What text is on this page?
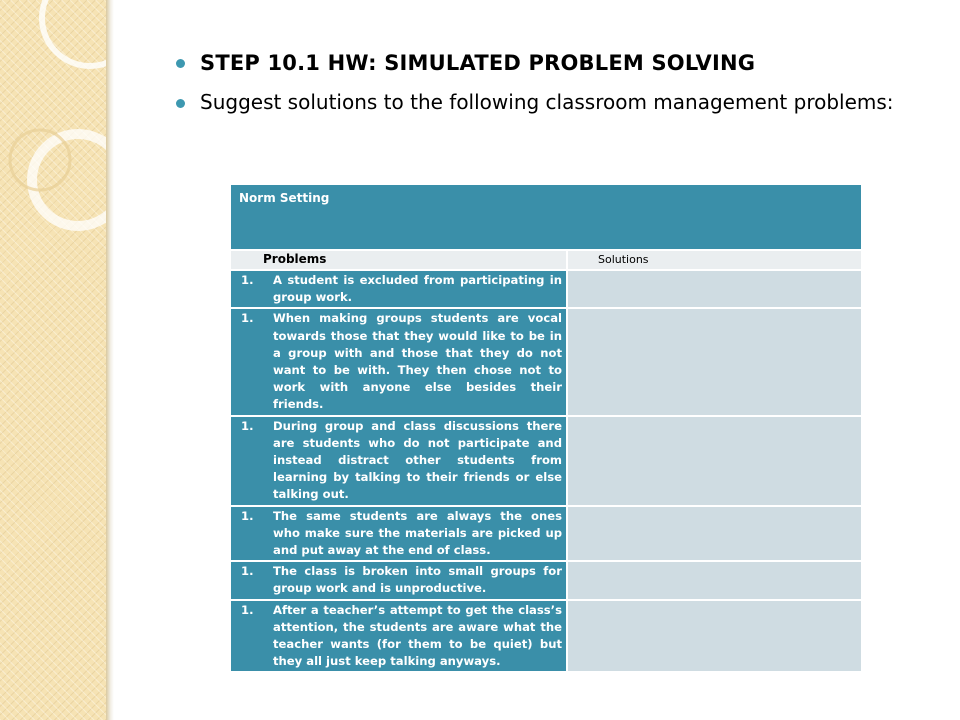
STEP 10.1 HW: SIMULATED PROBLEM SOLVING
Suggest solutions to the following classroom management problems:
Norm Setting	
Problems	Solutions

1. A student is excluded from participating in group work.	

1. When making groups students are vocal towards those that they would like to be in a group with and those that they do not want to be with. They then chose not to work with anyone else besides their friends.	

1. During group and class discussions there are students who do not participate and instead distract other students from learning by talking to their friends or else talking out.	

1. The same students are always the ones who make sure the materials are picked up and put away at the end of class.	

1. The class is broken into small groups for group work and is unproductive.	

1. After a teacher’s attempt to get the class’s attention, the students are aware what the teacher wants (for them to be quiet) but they all just keep talking anyways.	
